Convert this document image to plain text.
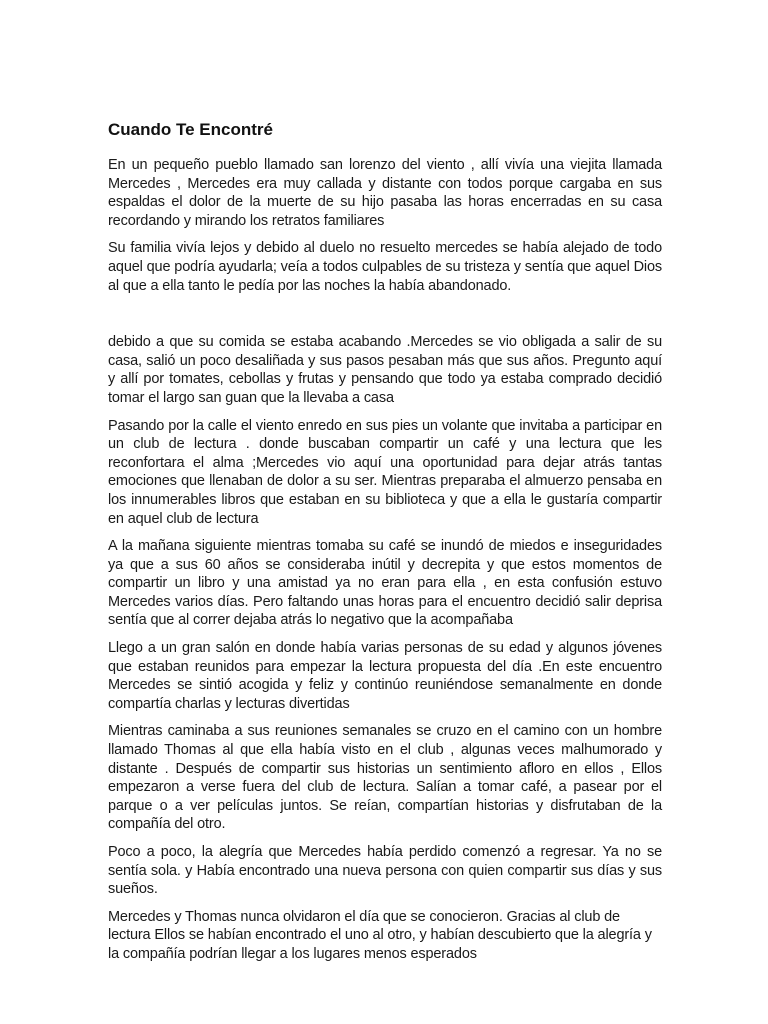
Cuando Te Encontré

En un pequeño pueblo llamado san lorenzo del viento , allí vivía una viejita llamada Mercedes , Mercedes era muy callada y distante con todos porque cargaba en sus espaldas el dolor de la muerte de su hijo pasaba las horas encerradas en su casa recordando y mirando los retratos familiares

Su familia vivía lejos y debido al duelo no resuelto mercedes se había alejado de todo aquel que podría ayudarla; veía a todos culpables de su tristeza y sentía que aquel Dios al que a ella tanto le pedía por las noches la había abandonado.

debido a que su comida se estaba acabando .Mercedes se vio obligada a salir de su casa, salió un poco desaliñada y sus pasos pesaban más que sus años. Pregunto aquí y allí por tomates, cebollas y frutas y pensando que todo ya estaba comprado decidió tomar el largo san guan que la llevaba a casa

Pasando por la calle el viento enredo en sus pies un volante que invitaba a participar en un club de lectura . donde buscaban compartir un café y una lectura que les reconfortara el alma ;Mercedes vio aquí una oportunidad para dejar atrás tantas emociones que llenaban de dolor a su ser. Mientras preparaba el almuerzo pensaba en los innumerables libros que estaban en su biblioteca y que a ella le gustaría compartir en aquel club de lectura

A la mañana siguiente mientras tomaba su café se inundó de miedos e inseguridades ya que a sus 60 años se consideraba inútil y decrepita y que estos momentos de compartir un libro y una amistad ya no eran para ella , en esta confusión estuvo Mercedes varios días. Pero faltando unas horas para el encuentro decidió salir deprisa sentía que al correr dejaba atrás lo negativo que la acompañaba

Llego a un gran salón en donde había varias personas de su edad y algunos jóvenes que estaban reunidos para empezar la lectura propuesta del día .En este encuentro Mercedes se sintió acogida y feliz y continúo reuniéndose semanalmente en donde compartía charlas y lecturas divertidas

Mientras caminaba a sus reuniones semanales se cruzo en el camino con un hombre llamado Thomas al que ella había visto en el club , algunas veces malhumorado y distante . Después de compartir sus historias un sentimiento afloro en ellos , Ellos empezaron a verse fuera del club de lectura. Salían a tomar café, a pasear por el parque o a ver películas juntos. Se reían, compartían historias y disfrutaban de la compañía del otro.

Poco a poco, la alegría que Mercedes había perdido comenzó a regresar. Ya no se sentía sola. y Había encontrado una nueva persona con quien compartir sus días y sus sueños.

Mercedes y Thomas nunca olvidaron el día que se conocieron. Gracias al club de lectura Ellos se habían encontrado el uno al otro, y habían descubierto que la alegría y la compañía podrían llegar a los lugares menos esperados
